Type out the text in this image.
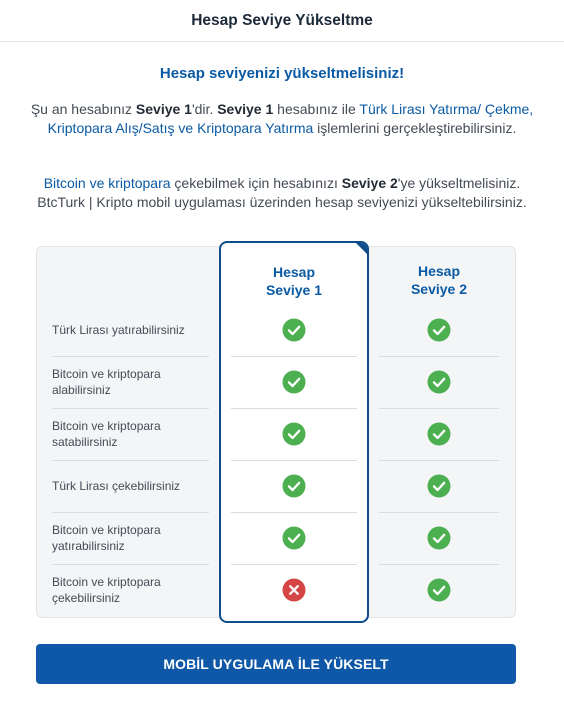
Hesap Seviye Yükseltme
Hesap seviyenizi yükseltmelisiniz!
Şu an hesabınız Seviye 1'dir. Seviye 1 hesabınız ile Türk Lirası Yatırma/ Çekme, Kriptopara Alış/Satış ve Kriptopara Yatırma işlemlerini gerçekleştirebilirsiniz.
Bitcoin ve kriptopara çekebilmek için hesabınızı Seviye 2'ye yükseltmelisiniz. BtcTurk | Kripto mobil uygulaması üzerinden hesap seviyenizi yükseltebilirsiniz.
Türk Lirası yatırabilirsiniz
Bitcoin ve kriptopara alabilirsiniz
Bitcoin ve kriptopara satabilirsiniz
Türk Lirası çekebilirsiniz
Bitcoin ve kriptopara yatırabilirsiniz
Bitcoin ve kriptopara çekebilirsiniz
Hesap
Seviye 1
Hesap
Seviye 2
MOBİL UYGULAMA İLE YÜKSELT
